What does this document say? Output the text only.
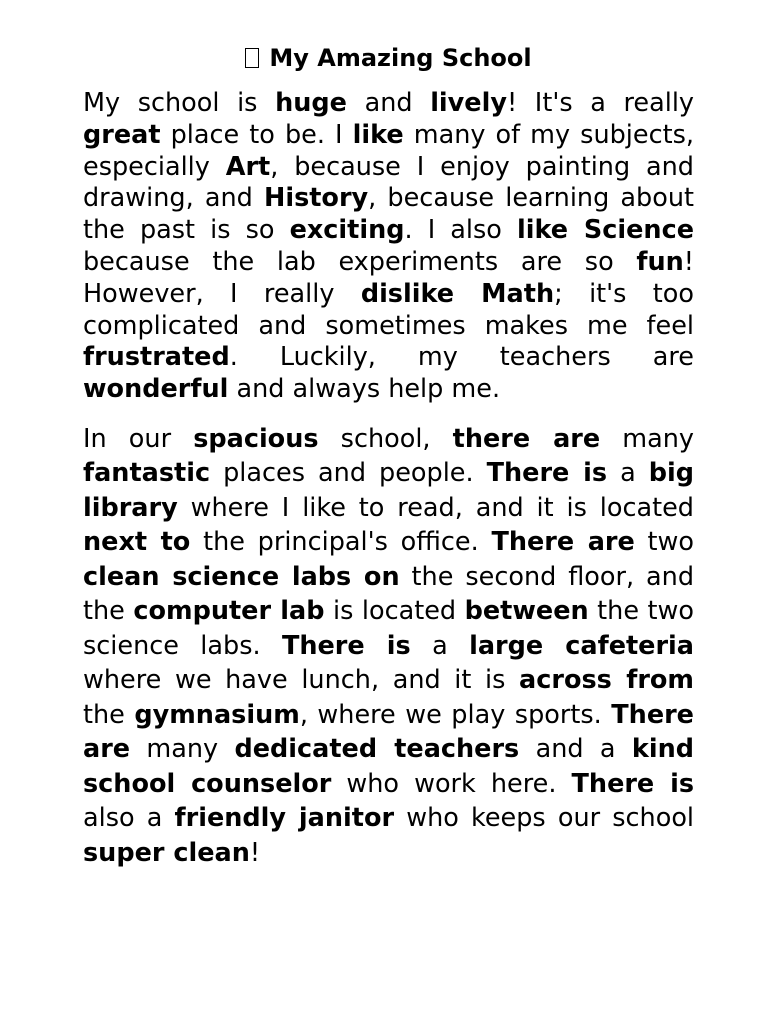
My Amazing School

My school is huge and lively! It's a really great place to be. I like many of my subjects, especially Art, because I enjoy painting and drawing, and History, because learning about the past is so exciting. I also like Science because the lab experiments are so fun! However, I really dislike Math; it's too complicated and sometimes makes me feel frustrated. Luckily, my teachers are wonderful and always help me.

In our spacious school, there are many fantastic places and people. There is a big library where I like to read, and it is located next to the principal's office. There are two clean science labs on the second floor, and the computer lab is located between the two science labs. There is a large cafeteria where we have lunch, and it is across from the gymnasium, where we play sports. There are many dedicated teachers and a kind school counselor who work here. There is also a friendly janitor who keeps our school super clean!
